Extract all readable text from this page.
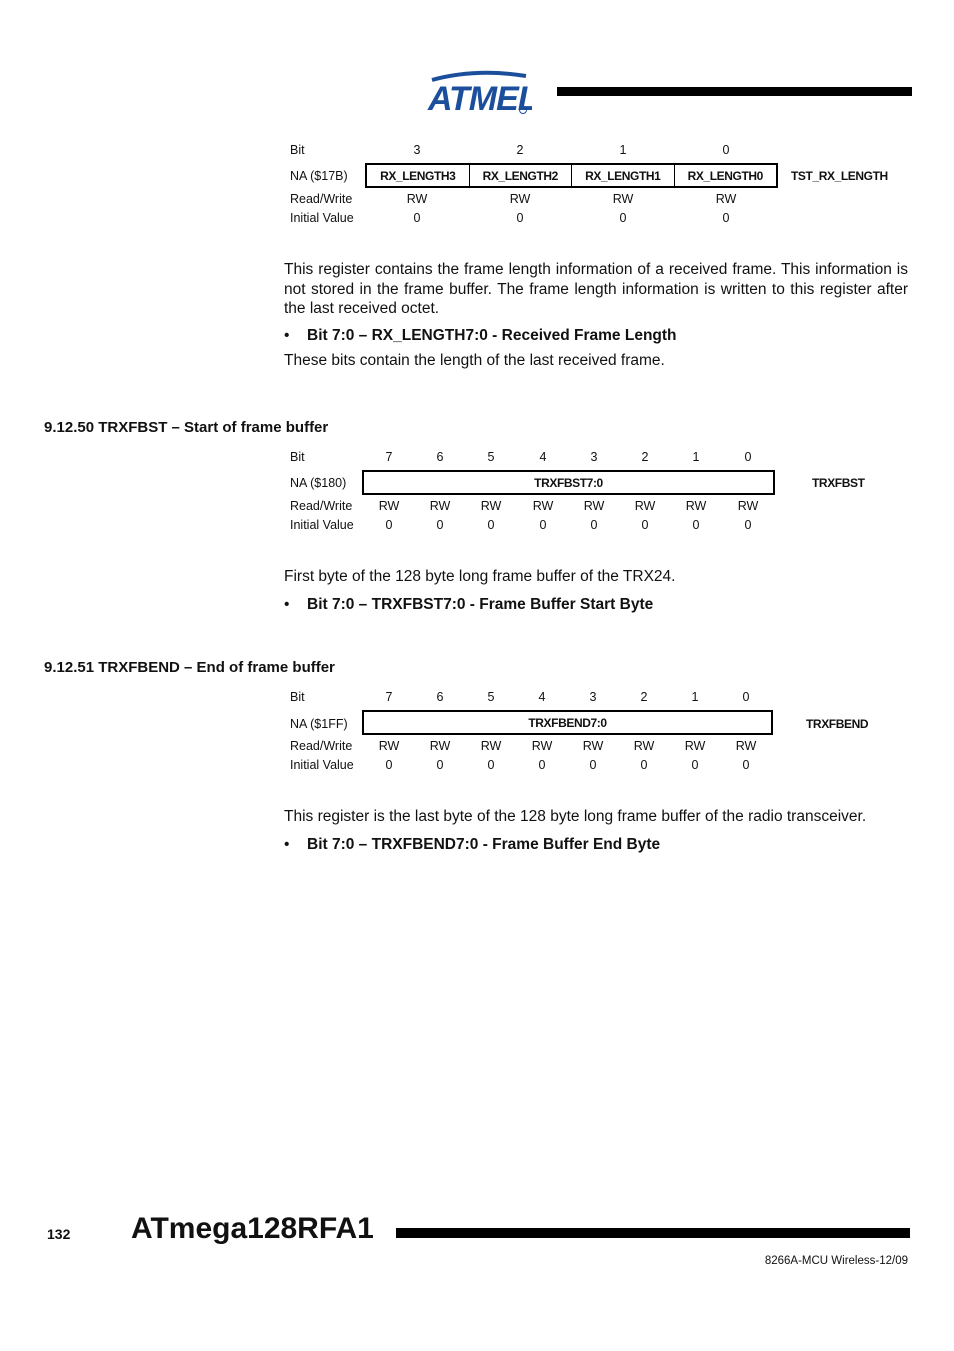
ATMEL
Bit	3	2	1	0
NA ($17B)	RX_LENGTH3	RX_LENGTH2	RX_LENGTH1	RX_LENGTH0	TST_RX_LENGTH
Read/Write	RW	RW	RW	RW
Initial Value	0	0	0	0
This register contains the frame length information of a received frame. This information is not stored in the frame buffer. The frame length information is written to this register after the last received octet.
• Bit 7:0 – RX_LENGTH7:0 - Received Frame Length
These bits contain the length of the last received frame.
9.12.50 TRXFBST – Start of frame buffer
Bit	7	6	5	4	3	2	1	0
NA ($180)	TRXFBST7:0	TRXFBST
Read/Write RW RW RW	RW RW RW RW	RW
Initial Value	0	0	0	0	0	0	0	0
First byte of the 128 byte long frame buffer of the TRX24.
• Bit 7:0 – TRXFBST7:0 - Frame Buffer Start Byte
9.12.51 TRXFBEND – End of frame buffer
Bit	7	6	5	4	3	2	1	0
NA ($1FF)	TRXFBEND7:0	TRXFBEND
Read/Write RW RW RW RW RW RW RW RW
Initial Value	0	0	0	0	0	0	0	0
This register is the last byte of the 128 byte long frame buffer of the radio transceiver.
• Bit 7:0 – TRXFBEND7:0 - Frame Buffer End Byte
132 ATmega128RFA1
8266A-MCU Wireless-12/09
